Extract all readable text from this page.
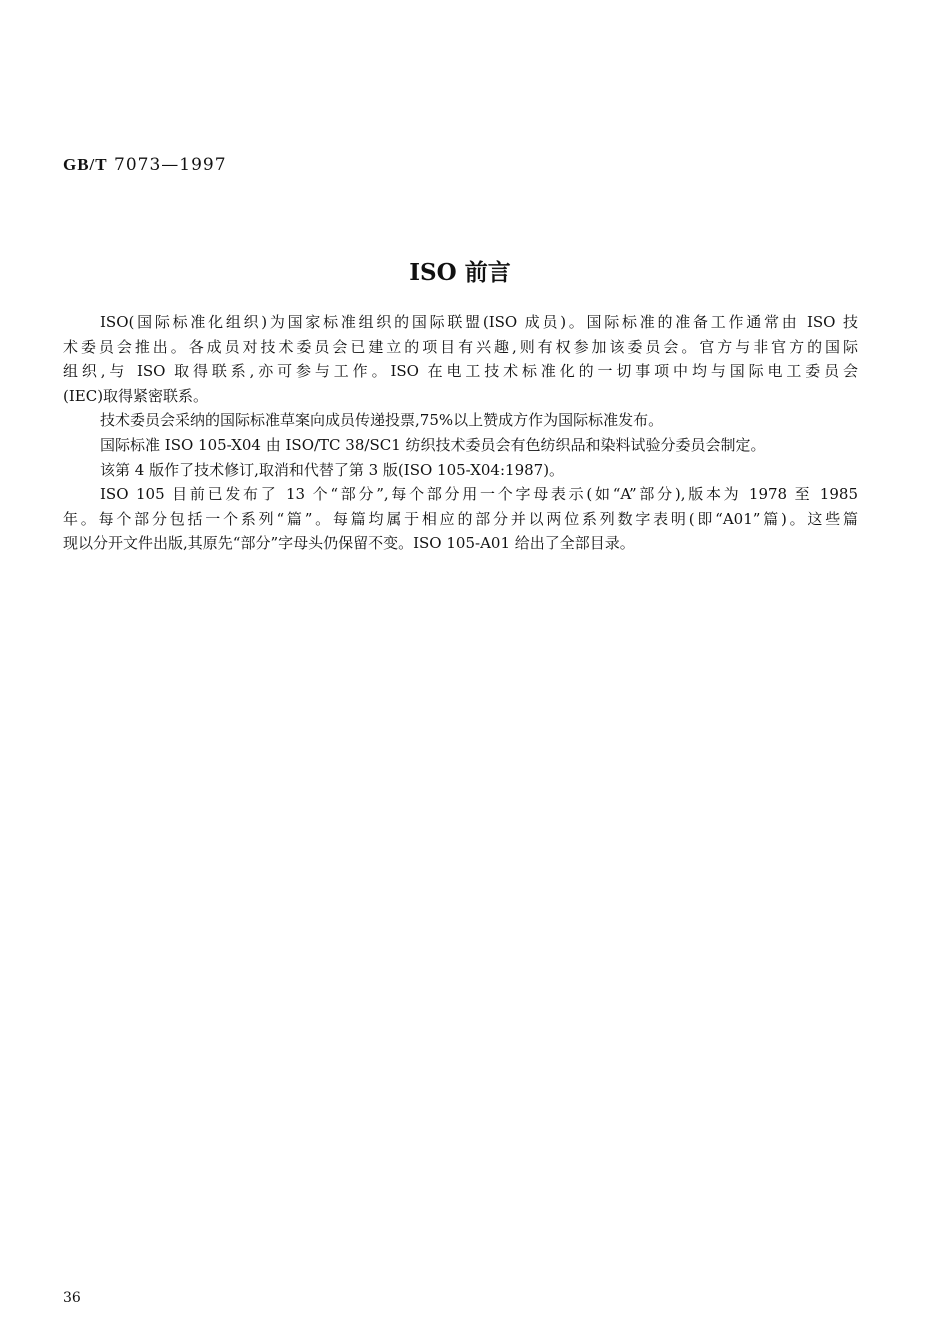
GB/T 7073—1997
ISO 前言
ISO(国际标准化组织)为国家标准组织的国际联盟(ISO 成员)。国际标准的准备工作通常由 ISO 技
术委员会推出。各成员对技术委员会已建立的项目有兴趣,则有权参加该委员会。官方与非官方的国际
组织,与 ISO 取得联系,亦可参与工作。ISO 在电工技术标准化的一切事项中均与国际电工委员会
(IEC)取得紧密联系。
技术委员会采纳的国际标准草案向成员传递投票,75%以上赞成方作为国际标准发布。
国际标准 ISO 105-X04 由 ISO/TC 38/SC1 纺织技术委员会有色纺织品和染料试验分委员会制定。
该第 4 版作了技术修订,取消和代替了第 3 版(ISO 105-X04:1987)。
ISO 105 目前已发布了 13 个“部分”,每个部分用一个字母表示(如“A”部分),版本为 1978 至 1985
年。每个部分包括一个系列“篇”。每篇均属于相应的部分并以两位系列数字表明(即“A01”篇)。这些篇
现以分开文件出版,其原先“部分”字母头仍保留不变。ISO 105-A01 给出了全部目录。
36
